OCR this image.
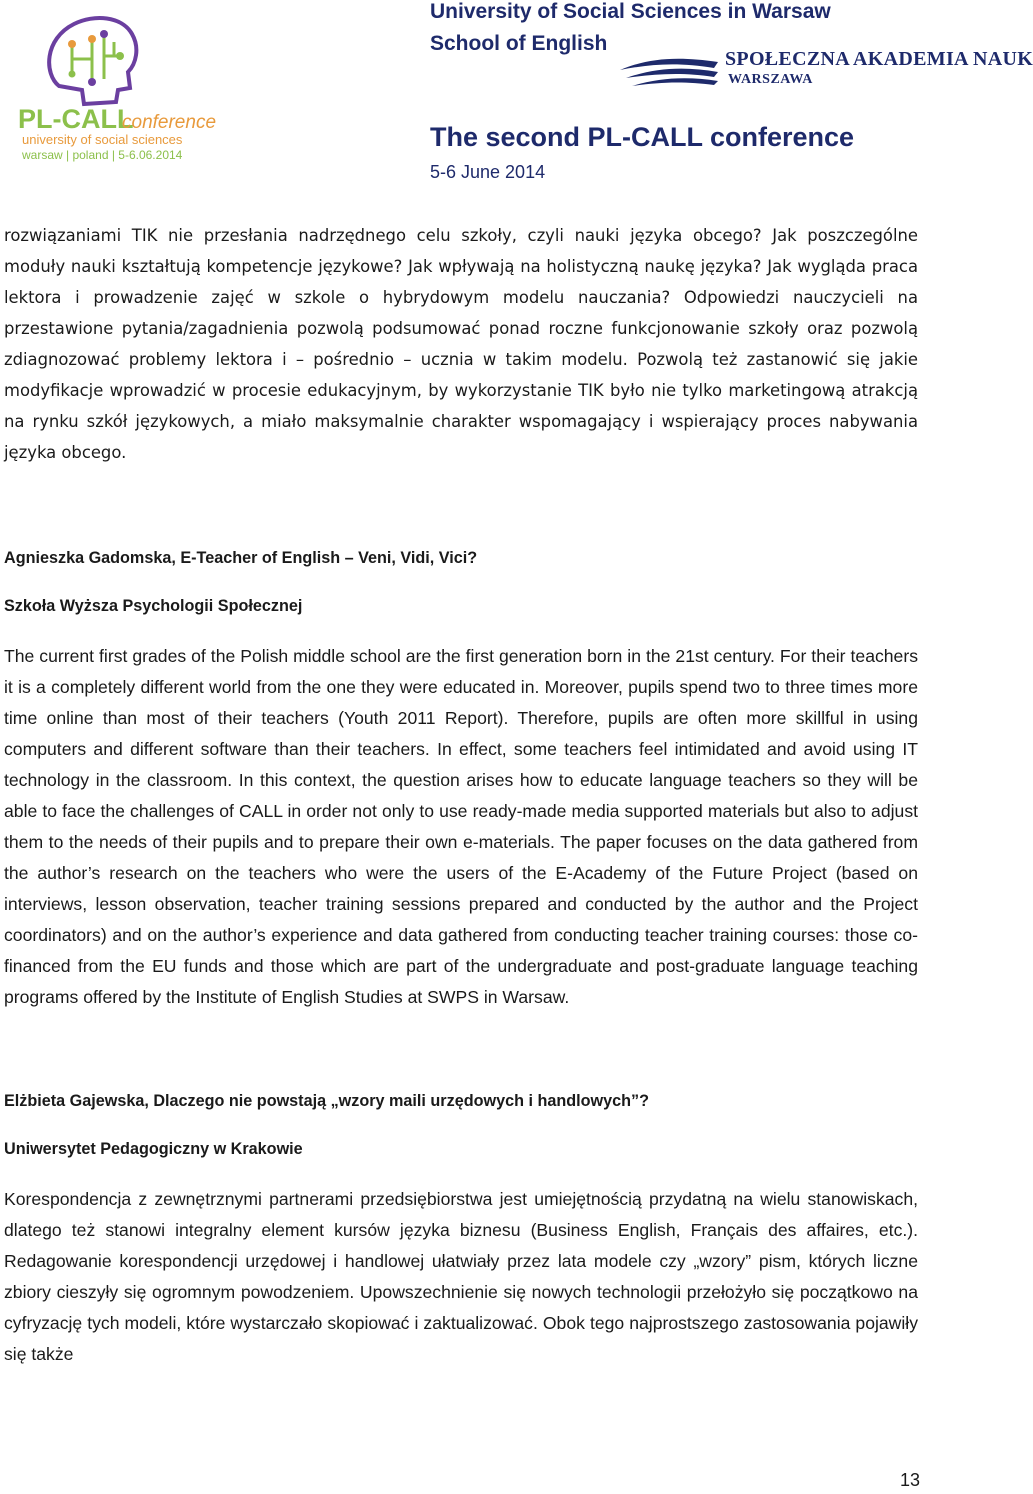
PL-CALL
conference
university of social sciences
warsaw | poland | 5-6.06.2014
University of Social Sciences in Warsaw
School of English
SPOŁECZNA AKADEMIA NAUK
WARSZAWA
The second PL-CALL conference
5-6 June 2014

rozwiązaniami TIK nie przesłania nadrzędnego celu szkoły, czyli nauki języka obcego? Jak poszczególne moduły nauki kształtują kompetencje językowe? Jak wpływają na holistyczną naukę języka? Jak wygląda praca lektora i prowadzenie zajęć w szkole o hybrydowym modelu nauczania? Odpowiedzi nauczycieli na przestawione pytania/zagadnienia pozwolą podsumować ponad roczne funkcjonowanie szkoły oraz pozwolą zdiagnozować problemy lektora i – pośrednio – ucznia w takim modelu. Pozwolą też zastanowić się jakie modyfikacje wprowadzić w procesie edukacyjnym, by wykorzystanie TIK było nie tylko marketingową atrakcją na rynku szkół językowych, a miało maksymalnie charakter wspomagający i wspierający proces nabywania języka obcego.

Agnieszka Gadomska, E-Teacher of English – Veni, Vidi, Vici?

Szkoła Wyższa Psychologii Społecznej

The current first grades of the Polish middle school are the first generation born in the 21st century. For their teachers it is a completely different world from the one they were educated in. Moreover, pupils spend two to three times more time online than most of their teachers (Youth 2011 Report). Therefore, pupils are often more skillful in using computers and different software than their teachers. In effect, some teachers feel intimidated and avoid using IT technology in the classroom. In this context, the question arises how to educate language teachers so they will be able to face the challenges of CALL in order not only to use ready-made media supported materials but also to adjust them to the needs of their pupils and to prepare their own e-materials. The paper focuses on the data gathered from the author’s research on the teachers who were the users of the E-Academy of the Future Project (based on interviews, lesson observation, teacher training sessions prepared and conducted by the author and the Project coordinators) and on the author’s experience and data gathered from conducting teacher training courses: those co-financed from the EU funds and those which are part of the undergraduate and post-graduate language teaching programs offered by the Institute of English Studies at SWPS in Warsaw.

Elżbieta Gajewska, Dlaczego nie powstają „wzory maili urzędowych i handlowych”?

Uniwersytet Pedagogiczny w Krakowie

Korespondencja z zewnętrznymi partnerami przedsiębiorstwa jest umiejętnością przydatną na wielu stanowiskach, dlatego też stanowi integralny element kursów języka biznesu (Business English, Français des affaires, etc.). Redagowanie korespondencji urzędowej i handlowej ułatwiały przez lata modele czy „wzory” pism, których liczne zbiory cieszyły się ogromnym powodzeniem. Upowszechnienie się nowych technologii przełożyło się początkowo na cyfryzację tych modeli, które wystarczało skopiować i zaktualizować. Obok tego najprostszego zastosowania pojawiły się także

13
